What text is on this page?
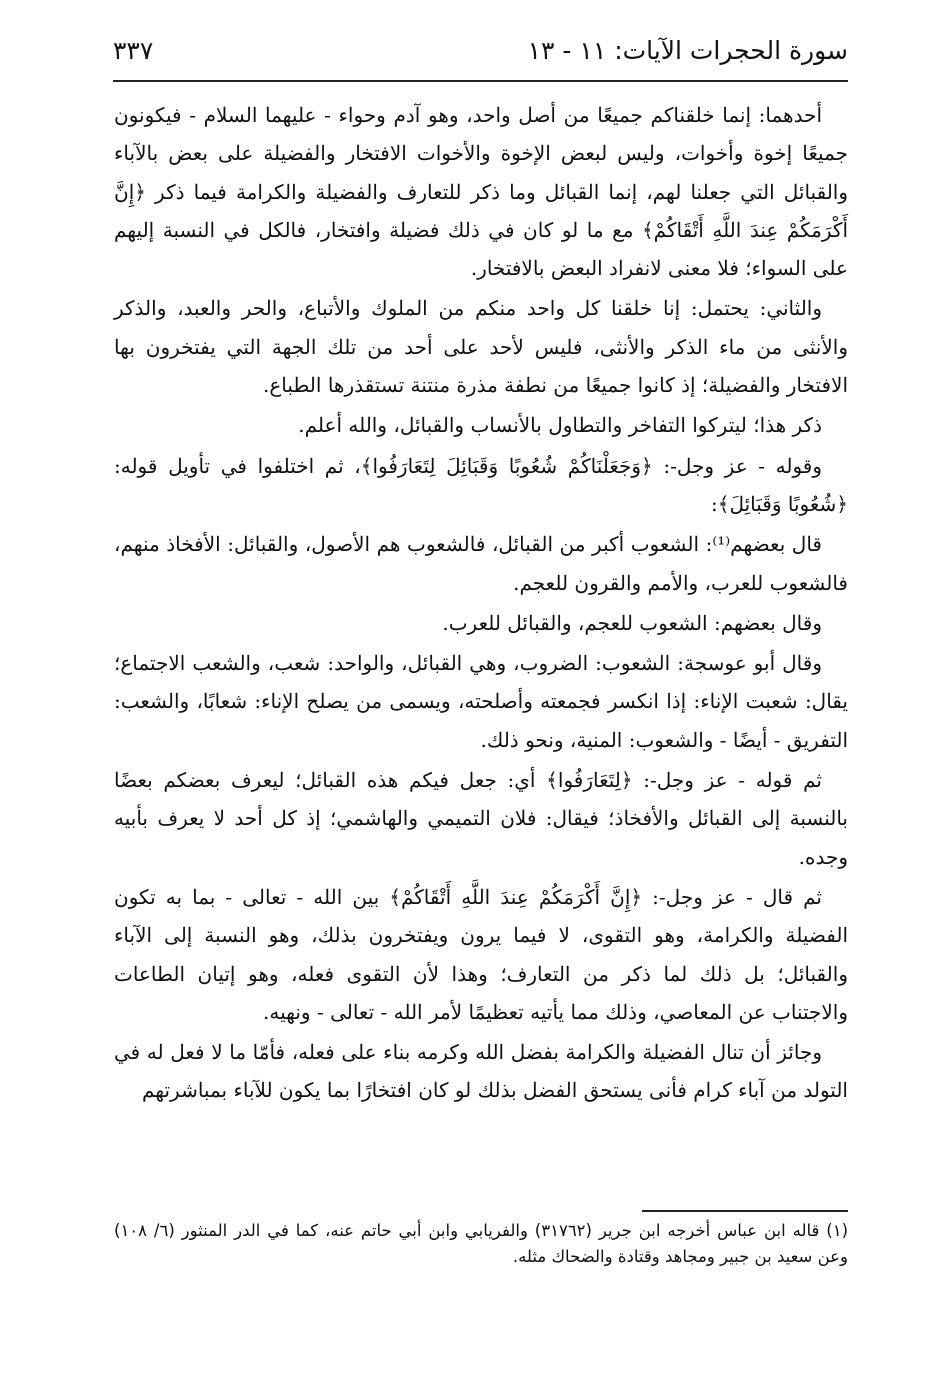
سورة الحجرات الآيات: ١١ - ١٣
٣٣٧

أحدهما: إنما خلقناكم جميعًا من أصل واحد، وهو آدم وحواء - عليهما السلام - فيكونون جميعًا إخوة وأخوات، وليس لبعض الإخوة والأخوات الافتخار والفضيلة على بعض بالآباء والقبائل التي جعلنا لهم، إنما القبائل وما ذكر للتعارف والفضيلة والكرامة فيما ذكر ﴿إِنَّ أَكْرَمَكُمْ عِندَ اللَّهِ أَتْقَاكُمْ﴾ مع ما لو كان في ذلك فضيلة وافتخار، فالكل في النسبة إليهم على السواء؛ فلا معنى لانفراد البعض بالافتخار.

والثاني: يحتمل: إنا خلقنا كل واحد منكم من الملوك والأتباع، والحر والعبد، والذكر والأنثى من ماء الذكر والأنثى، فليس لأحد على أحد من تلك الجهة التي يفتخرون بها الافتخار والفضيلة؛ إذ كانوا جميعًا من نطفة مذرة منتنة تستقذرها الطباع.

ذكر هذا؛ ليتركوا التفاخر والتطاول بالأنساب والقبائل، والله أعلم.

وقوله - عز وجل-: ﴿وَجَعَلْنَاكُمْ شُعُوبًا وَقَبَائِلَ لِتَعَارَفُوا﴾، ثم اختلفوا في تأويل قوله: ﴿شُعُوبًا وَقَبَائِلَ﴾:

قال بعضهم⁽¹⁾: الشعوب أكبر من القبائل، فالشعوب هم الأصول، والقبائل: الأفخاذ منهم، فالشعوب للعرب، والأمم والقرون للعجم.

وقال بعضهم: الشعوب للعجم، والقبائل للعرب.

وقال أبو عوسجة: الشعوب: الضروب، وهي القبائل، والواحد: شعب، والشعب الاجتماع؛ يقال: شعبت الإناء: إذا انكسر فجمعته وأصلحته، ويسمى من يصلح الإناء: شعابًا، والشعب: التفريق - أيضًا - والشعوب: المنية، ونحو ذلك.

ثم قوله - عز وجل-: ﴿لِتَعَارَفُوا﴾ أي: جعل فيكم هذه القبائل؛ ليعرف بعضكم بعضًا بالنسبة إلى القبائل والأفخاذ؛ فيقال: فلان التميمي والهاشمي؛ إذ كل أحد لا يعرف بأبيه وجده.

ثم قال - عز وجل-: ﴿إِنَّ أَكْرَمَكُمْ عِندَ اللَّهِ أَتْقَاكُمْ﴾ بين الله - تعالى - بما به تكون الفضيلة والكرامة، وهو التقوى، لا فيما يرون ويفتخرون بذلك، وهو النسبة إلى الآباء والقبائل؛ بل ذلك لما ذكر من التعارف؛ وهذا لأن التقوى فعله، وهو إتيان الطاعات والاجتناب عن المعاصي، وذلك مما يأتيه تعظيمًا لأمر الله - تعالى - ونهيه.

وجائز أن تنال الفضيلة والكرامة بفضل الله وكرمه بناء على فعله، فأمّا ما لا فعل له في التولد من آباء كرام فأنى يستحق الفضل بذلك لو كان افتخارًا بما يكون للآباء بمباشرتهم

(١) قاله ابن عباس أخرجه ابن جرير (٣١٧٦٢) والفريابي وابن أبي حاتم عنه، كما في الدر المنثور (٦/ ١٠٨) وعن سعيد بن جبير ومجاهد وقتادة والضحاك مثله.
